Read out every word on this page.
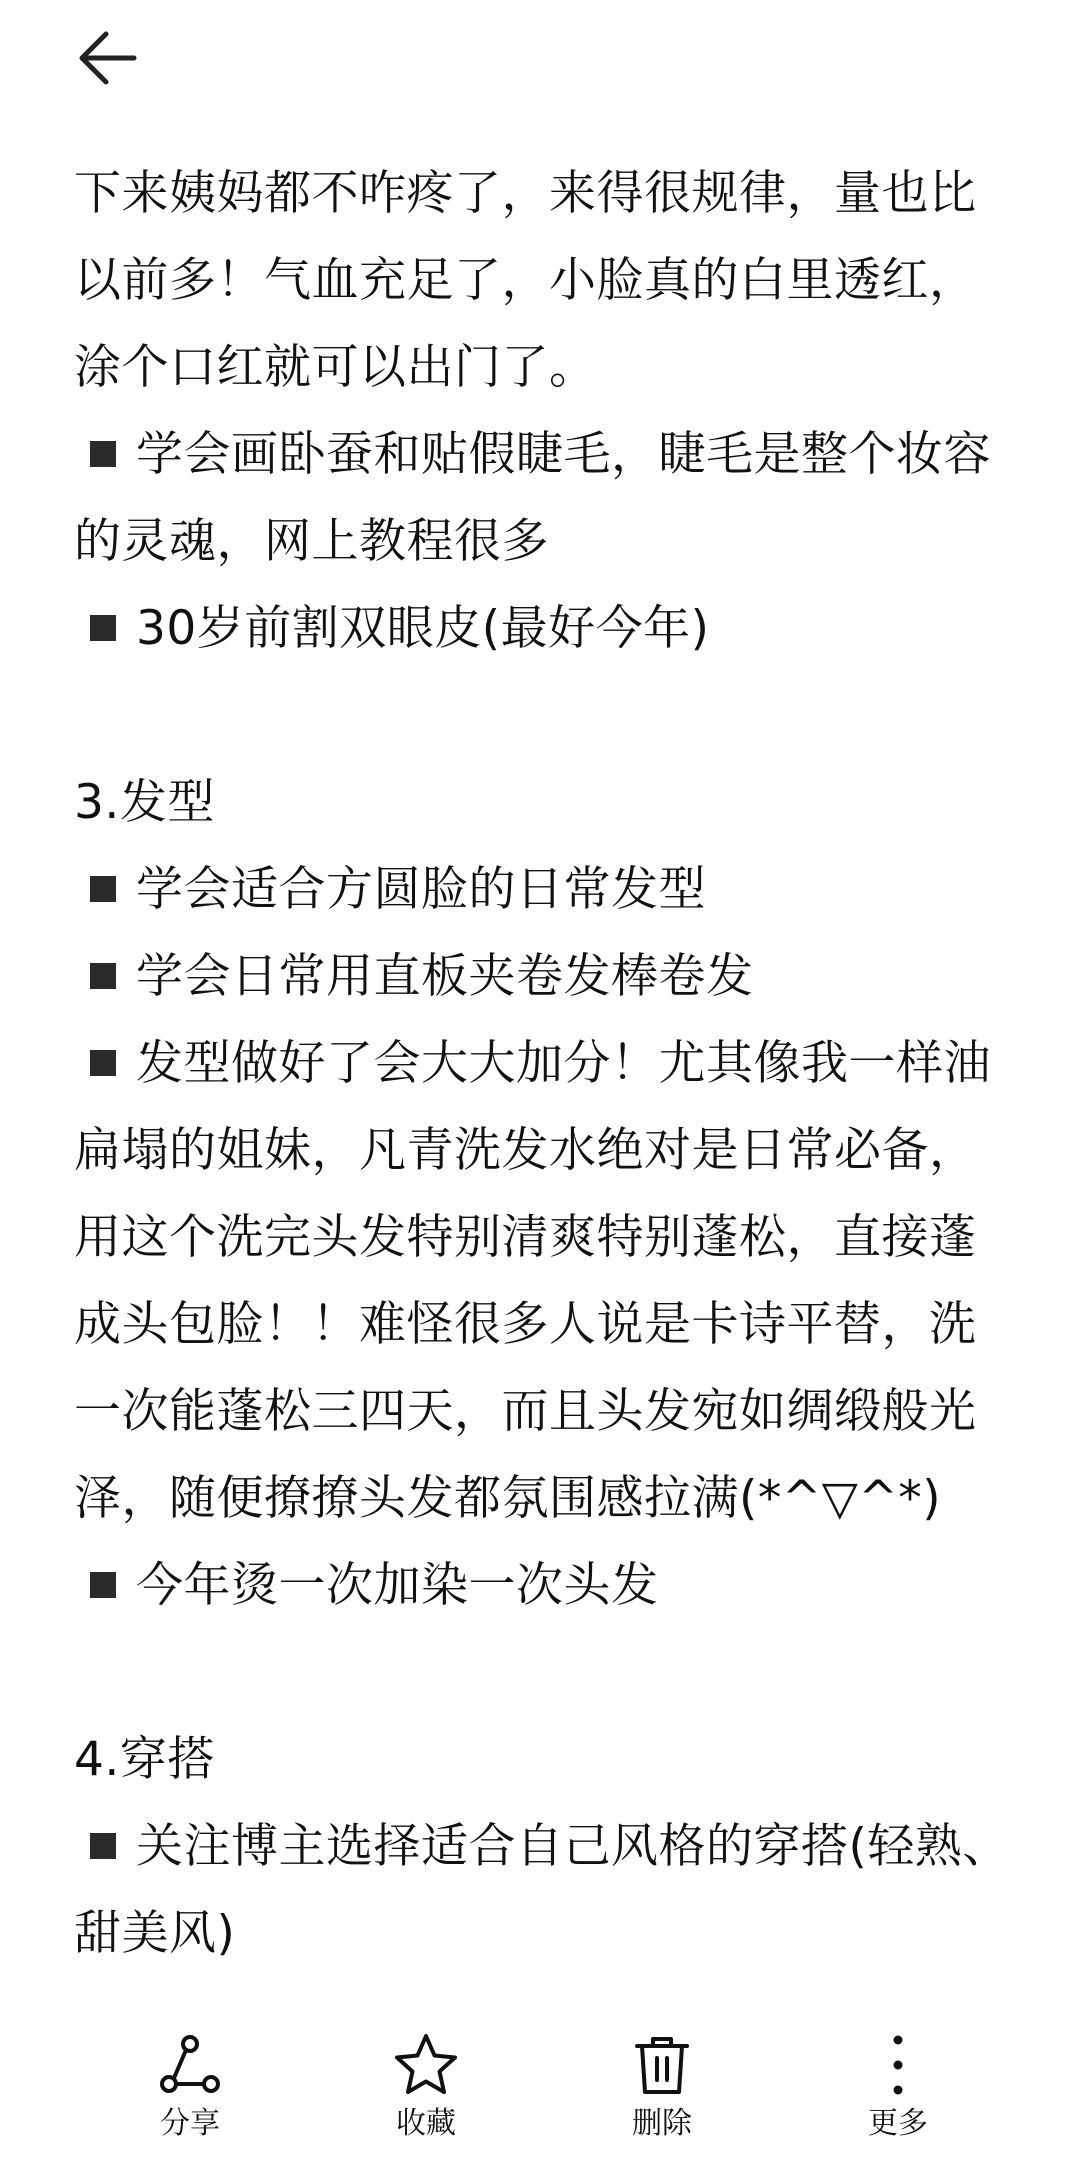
下来姨妈都不咋疼了，来得很规律，量也比以前多！气血充足了，小脸真的白里透红，涂个口红就可以出门了。

学会画卧蚕和贴假睫毛，睫毛是整个妆容的灵魂，网上教程很多
30岁前割双眼皮(最好今年)

3.发型

学会适合方圆脸的日常发型
学会日常用直板夹卷发棒卷发
发型做好了会大大加分！尤其像我一样油扁塌的姐妹，凡青洗发水绝对是日常必备，用这个洗完头发特别清爽特别蓬松，直接蓬成头包脸！！难怪很多人说是卡诗平替，洗一次能蓬松三四天，而且头发宛如绸缎般光泽，随便撩撩头发都氛围感拉满(*^▽^*)
今年烫一次加染一次头发

4.穿搭

关注博主选择适合自己风格的穿搭(轻熟、甜美风)
分享	收藏	删除	更多
